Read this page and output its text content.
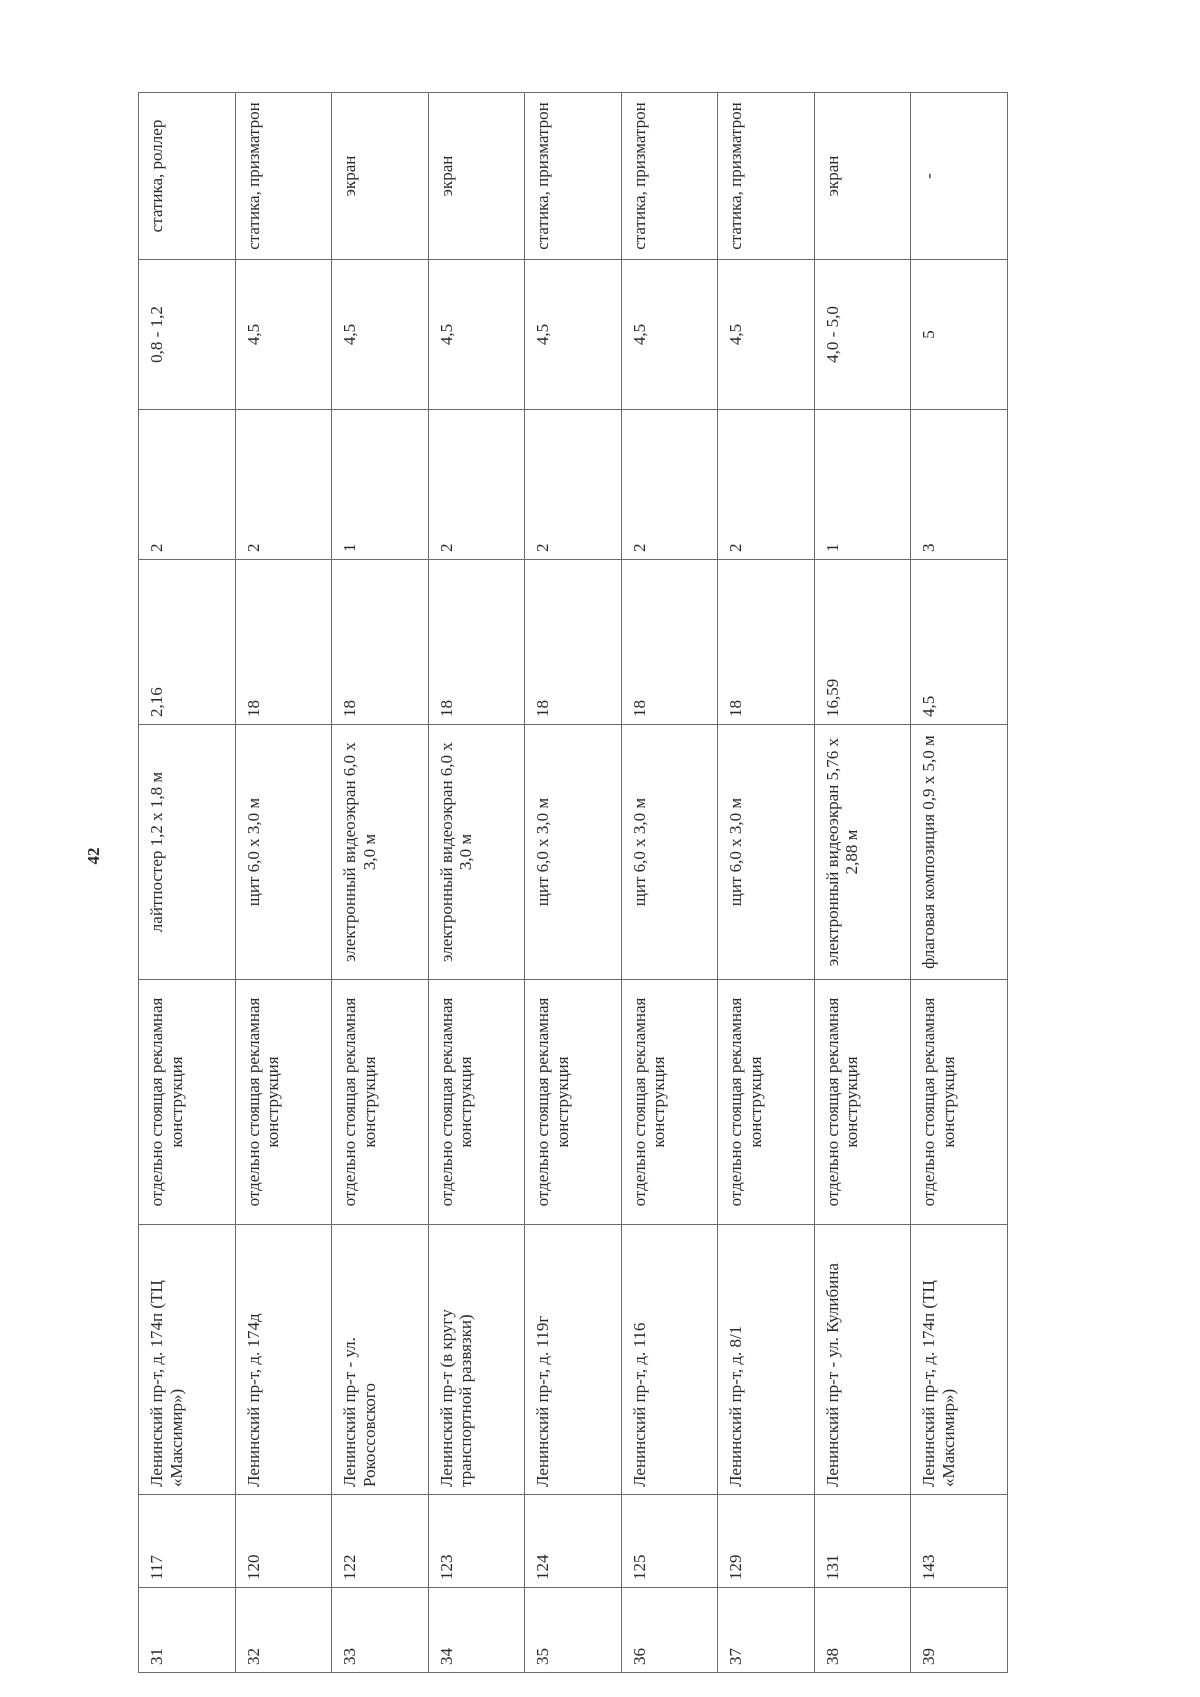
42
31	117	Ленинский пр-т, д. 174п (ТЦ «Максимир»)	отдельно стоящая рекламная конструкция	лайтпостер 1,2 х 1,8 м	2,16	2	0,8 - 1,2	статика, роллер
32	120	Ленинский пр-т, д. 174д	отдельно стоящая рекламная конструкция	щит 6,0 х 3,0 м	18	2	4,5	статика, призматрон
33	122	Ленинский пр-т - ул. Рокоссовского	отдельно стоящая рекламная конструкция	электронный видеоэкран 6,0 х 3,0 м	18	1	4,5	экран
34	123	Ленинский пр-т (в кругу транспортной развязки)	отдельно стоящая рекламная конструкция	электронный видеоэкран 6,0 х 3,0 м	18	2	4,5	экран
35	124	Ленинский пр-т, д. 119г	отдельно стоящая рекламная конструкция	щит 6,0 х 3,0 м	18	2	4,5	статика, призматрон
36	125	Ленинский пр-т, д. 116	отдельно стоящая рекламная конструкция	щит 6,0 х 3,0 м	18	2	4,5	статика, призматрон
37	129	Ленинский пр-т, д. 8/1	отдельно стоящая рекламная конструкция	щит 6,0 х 3,0 м	18	2	4,5	статика, призматрон
38	131	Ленинский пр-т - ул. Кулибина	отдельно стоящая рекламная конструкция	электронный видеоэкран 5,76 х 2,88 м	16,59	1	4,0 - 5,0	экран
39	143	Ленинский пр-т, д. 174п (ТЦ «Максимир»)	отдельно стоящая рекламная конструкция	флаговая композиция 0,9 х 5,0 м	4,5	3	5	-
